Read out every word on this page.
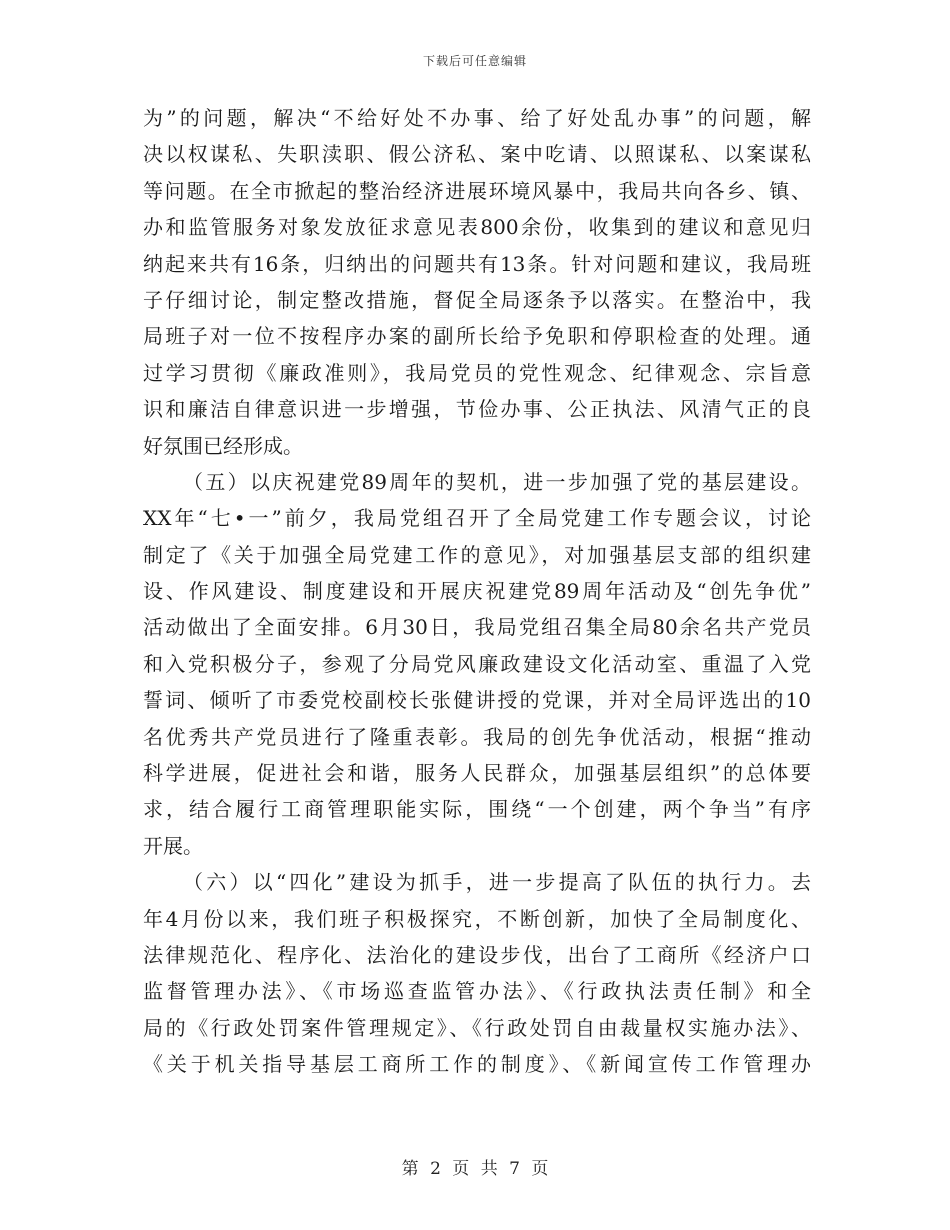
下载后可任意编辑
为”的问题，解决“不给好处不办事、给了好处乱办事”的问题，解
决以权谋私、失职渎职、假公济私、案中吃请、以照谋私、以案谋私
等问题。在全市掀起的整治经济进展环境风暴中，我局共向各乡、镇、
办和监管服务对象发放征求意见表800余份，收集到的建议和意见归
纳起来共有16条，归纳出的问题共有13条。针对问题和建议，我局班
子仔细讨论，制定整改措施，督促全局逐条予以落实。在整治中，我
局班子对一位不按程序办案的副所长给予免职和停职检查的处理。通
过学习贯彻《廉政准则》，我局党员的党性观念、纪律观念、宗旨意
识和廉洁自律意识进一步增强，节俭办事、公正执法、风清气正的良
好氛围已经形成。
（五）以庆祝建党89周年的契机，进一步加强了党的基层建设。
XX年“七•一”前夕，我局党组召开了全局党建工作专题会议，讨论
制定了《关于加强全局党建工作的意见》，对加强基层支部的组织建
设、作风建设、制度建设和开展庆祝建党89周年活动及“创先争优”
活动做出了全面安排。6月30日，我局党组召集全局80余名共产党员
和入党积极分子，参观了分局党风廉政建设文化活动室、重温了入党
誓词、倾听了市委党校副校长张健讲授的党课，并对全局评选出的10
名优秀共产党员进行了隆重表彰。我局的创先争优活动，根据“推动
科学进展，促进社会和谐，服务人民群众，加强基层组织”的总体要
求，结合履行工商管理职能实际，围绕“一个创建，两个争当”有序
开展。
（六）以“四化”建设为抓手，进一步提高了队伍的执行力。去
年4月份以来，我们班子积极探究，不断创新，加快了全局制度化、
法律规范化、程序化、法治化的建设步伐，出台了工商所《经济户口
监督管理办法》、《市场巡查监管办法》、《行政执法责任制》和全
局的《行政处罚案件管理规定》、《行政处罚自由裁量权实施办法》、
《关于机关指导基层工商所工作的制度》、《新闻宣传工作管理办
第 2 页 共 7 页
